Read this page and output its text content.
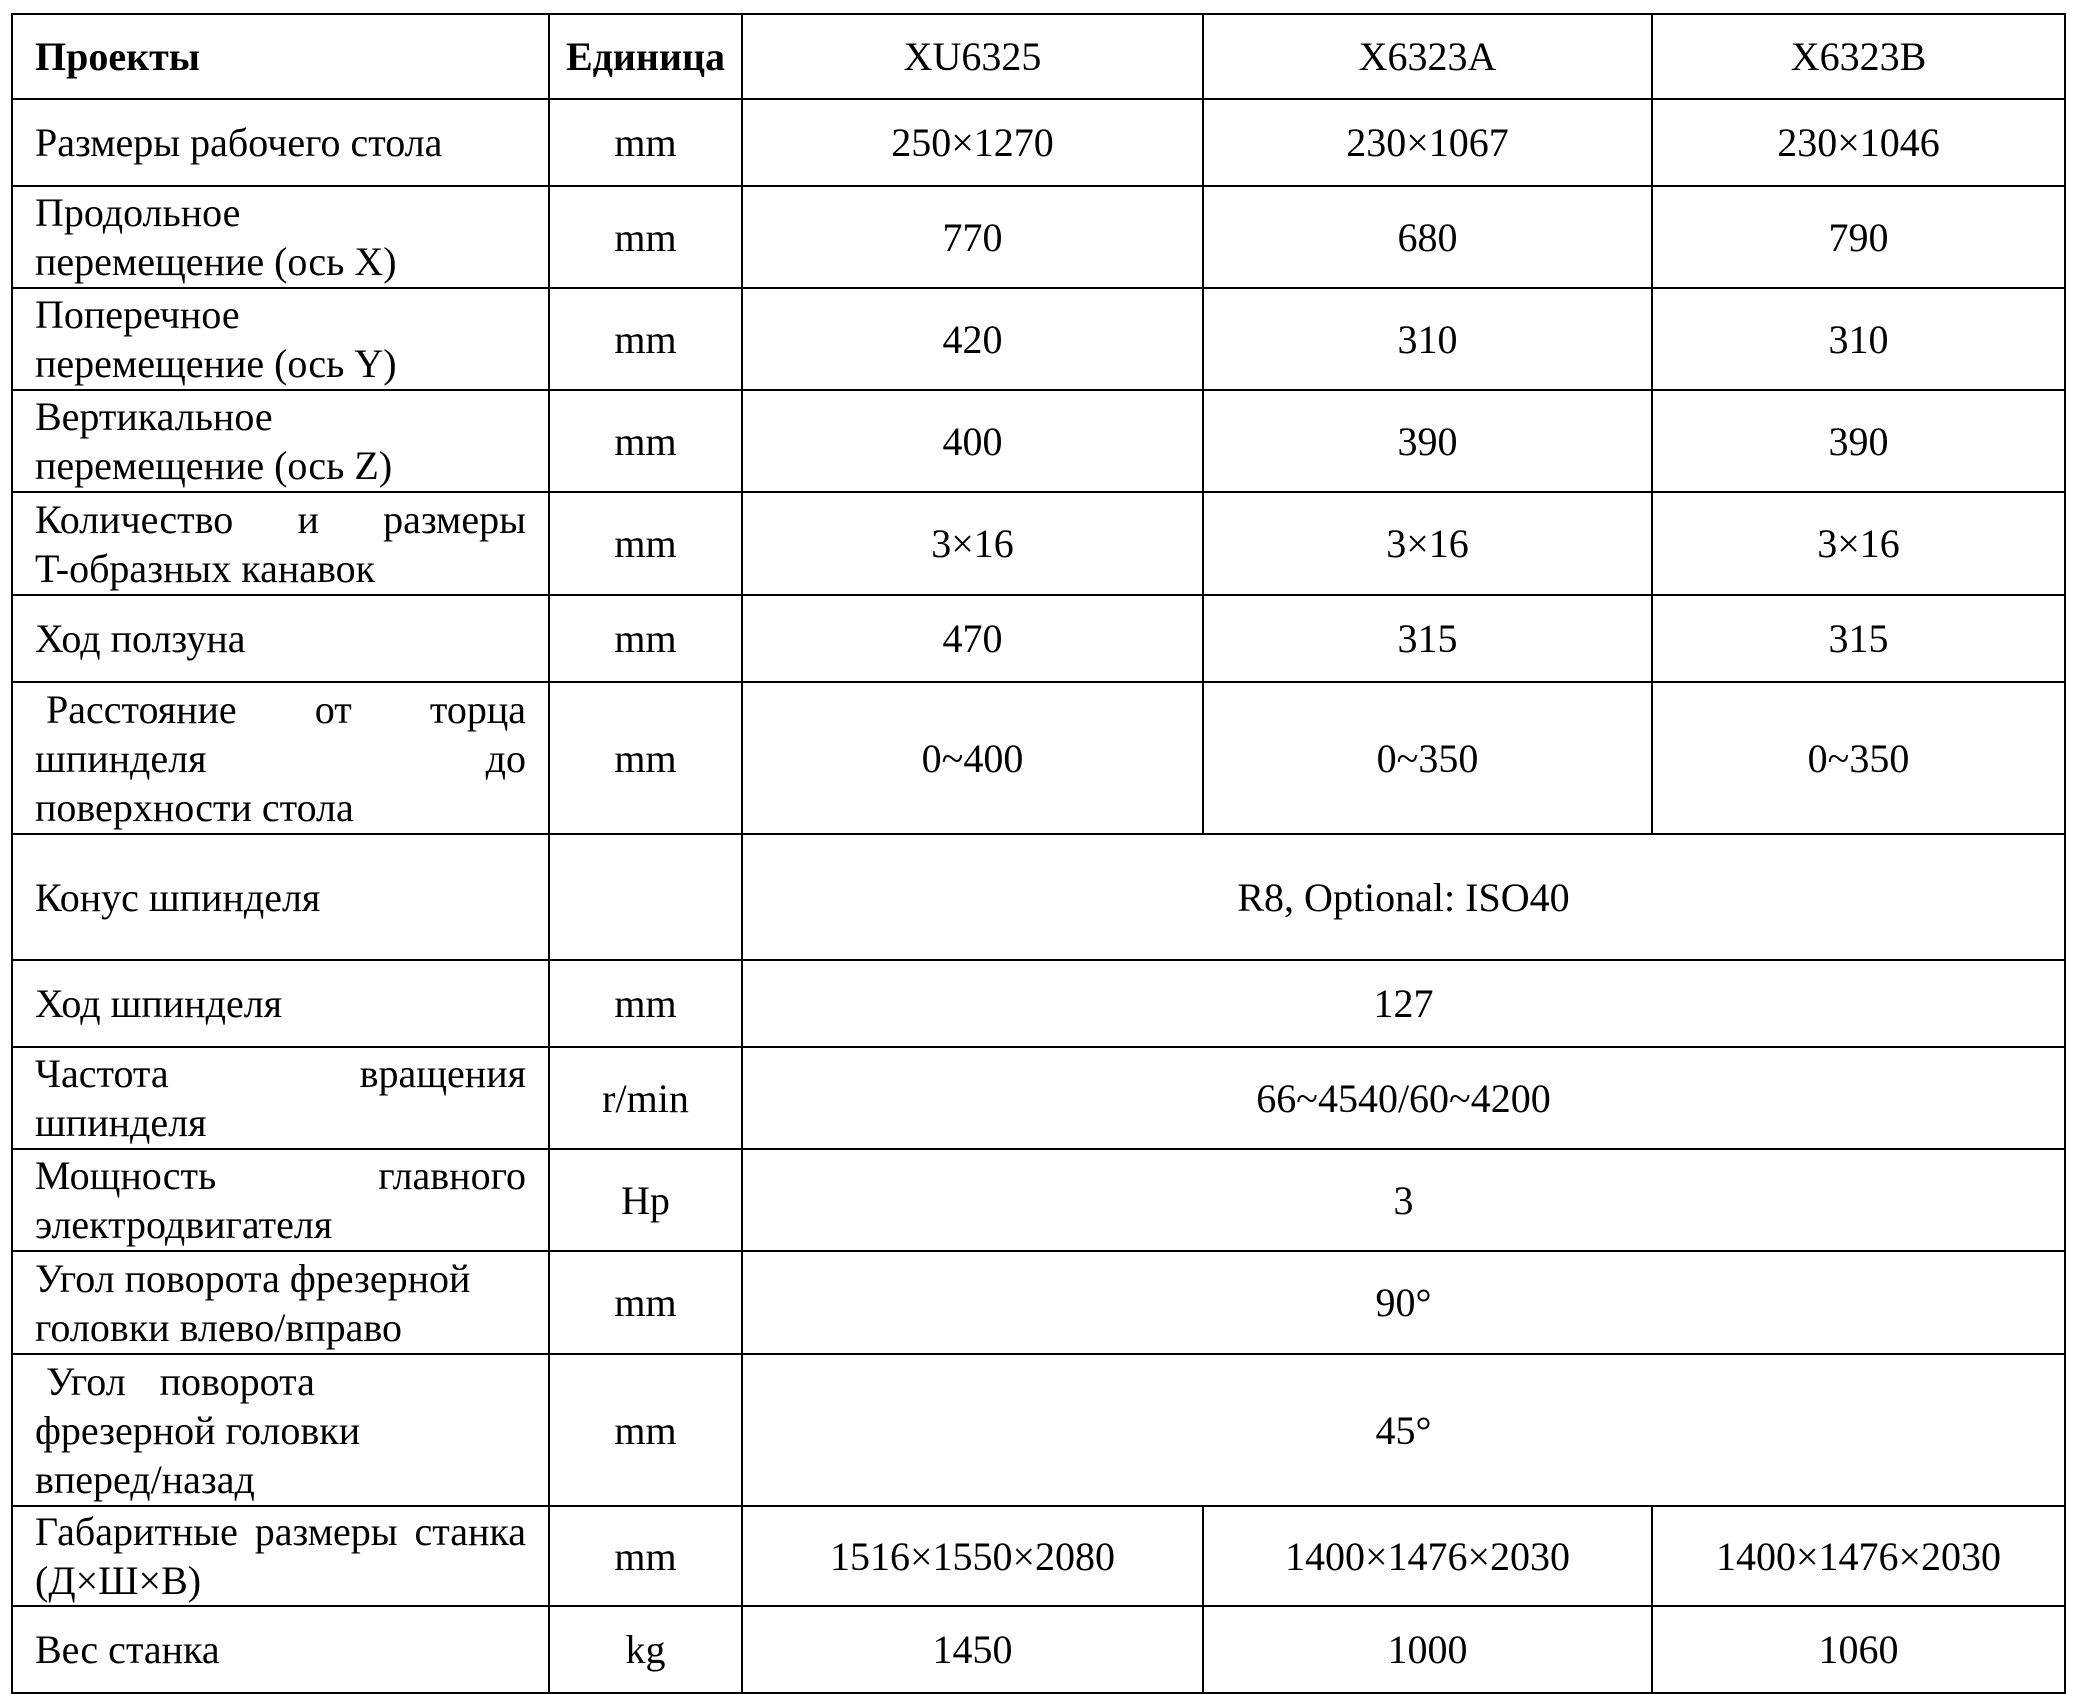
Проекты	Единица	XU6325	X6323A	X6323B

Размеры рабочего стола	mm	250×1270	230×1067	230×1046

Продольное
перемещение (ось X)	mm	770	680	790

Поперечное
перемещение (ось Y)	mm	420	310	310

Вертикальное
перемещение (ось Z)	mm	400	390	390

Количество и размеры
T-образных канавок	mm	3×16	3×16	3×16

Ход ползуна	mm	470	315	315

Расстояние от торца
шпинделя до
поверхности стола	mm	0~400	0~350	0~350

Конус шпинделя		R8, Optional: ISO40		

Ход шпинделя	mm	127		

Частота вращения
шпинделя	r/min	66~4540/60~4200		

Мощность главного
электродвигателя	Hp	3		

Угол поворота фрезерной
головки влево/вправо	mm	90°		

Угол поворота
фрезерной головки
вперед/назад	mm	45°		

Габаритные размеры станка
(Д×Ш×В)	mm	1516×1550×2080	1400×1476×2030	1400×1476×2030

Вес станка	kg	1450	1000	1060
